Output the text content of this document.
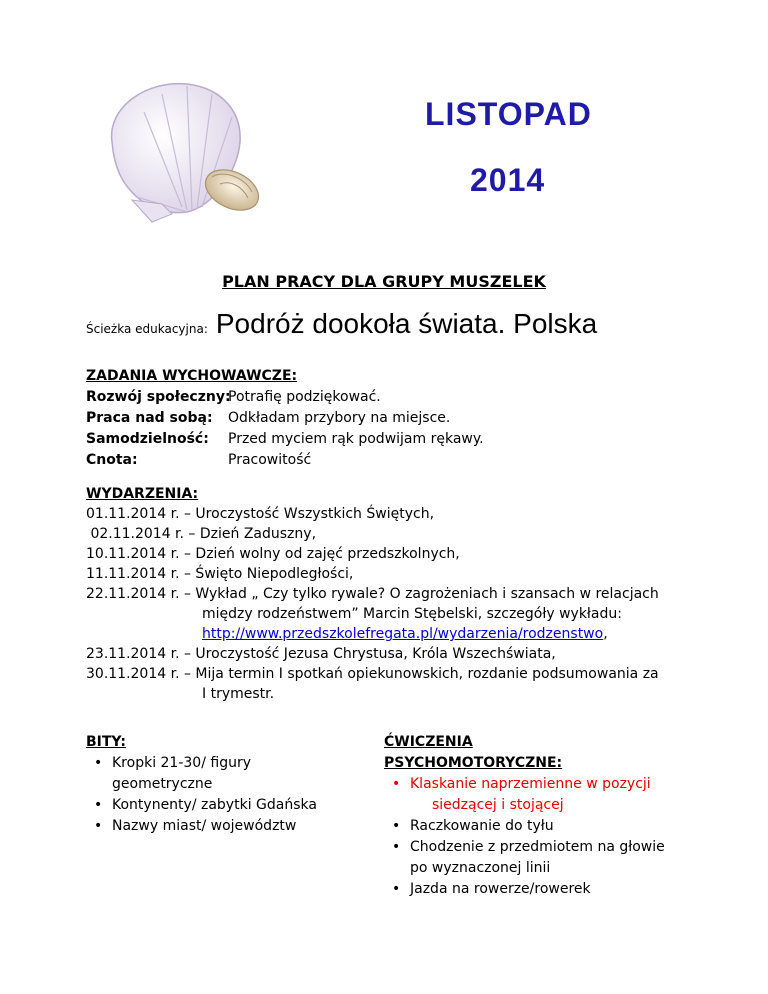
LISTOPAD
2014
PLAN PRACY DLA GRUPY MUSZELEK
Ścieżka edukacyjna: Podróż dookoła świata. Polska
ZADANIA WYCHOWAWCZE:
Rozwój społeczny:
Potrafię podziękować.
Praca nad sobą:	Odkładam przybory na miejsce.
Samodzielność:	Przed myciem rąk podwijam rękawy.
Cnota:	Pracowitość
WYDARZENIA:
01.11.2014 r. – Uroczystość Wszystkich Świętych,
02.11.2014 r. – Dzień Zaduszny,
10.11.2014 r. – Dzień wolny od zajęć przedszkolnych,
11.11.2014 r. – Święto Niepodległości,
22.11.2014 r. – Wykład „ Czy tylko rywale? O zagrożeniach i szansach w relacjach
między rodzeństwem” Marcin Stębelski, szczegóły wykładu:
http://www.przedszkolefregata.pl/wydarzenia/rodzenstwo,
23.11.2014 r. – Uroczystość Jezusa Chrystusa, Króla Wszechświata,
30.11.2014 r. – Mija termin I spotkań opiekunowskich, rozdanie podsumowania za
I trymestr.
BITY:
• Kropki 21-30/ figury geometryczne
• Kontynenty/ zabytki Gdańska
• Nazwy miast/ województw
ĆWICZENIA
PSYCHOMOTORYCZNE:
• Klaskanie naprzemienne w pozycji
siedzącej i stojącej
• Raczkowanie do tyłu
• Chodzenie z przedmiotem na głowie po wyznaczonej linii
• Jazda na rowerze/rowerek
